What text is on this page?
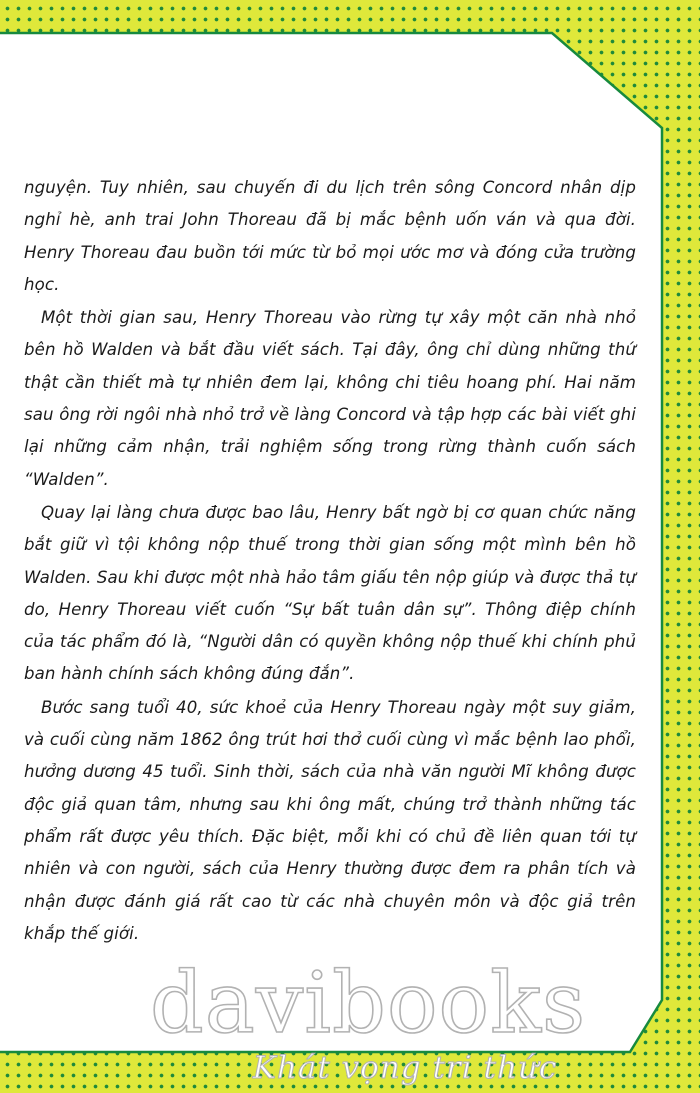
nguyện. Tuy nhiên, sau chuyến đi du lịch trên sông Concord nhân dịp nghỉ hè, anh trai John Thoreau đã bị mắc bệnh uốn ván và qua đời. Henry Thoreau đau buồn tới mức từ bỏ mọi ước mơ và đóng cửa trường học.

Một thời gian sau, Henry Thoreau vào rừng tự xây một căn nhà nhỏ bên hồ Walden và bắt đầu viết sách. Tại đây, ông chỉ dùng những thứ thật cần thiết mà tự nhiên đem lại, không chi tiêu hoang phí. Hai năm sau ông rời ngôi nhà nhỏ trở về làng Concord và tập hợp các bài viết ghi lại những cảm nhận, trải nghiệm sống trong rừng thành cuốn sách “Walden”.

Quay lại làng chưa được bao lâu, Henry bất ngờ bị cơ quan chức năng bắt giữ vì tội không nộp thuế trong thời gian sống một mình bên hồ Walden. Sau khi được một nhà hảo tâm giấu tên nộp giúp và được thả tự do, Henry Thoreau viết cuốn “Sự bất tuân dân sự”. Thông điệp chính của tác phẩm đó là, “Người dân có quyền không nộp thuế khi chính phủ ban hành chính sách không đúng đắn”.

Bước sang tuổi 40, sức khoẻ của Henry Thoreau ngày một suy giảm, và cuối cùng năm 1862 ông trút hơi thở cuối cùng vì mắc bệnh lao phổi, hưởng dương 45 tuổi. Sinh thời, sách của nhà văn người Mĩ không được độc giả quan tâm, nhưng sau khi ông mất, chúng trở thành những tác phẩm rất được yêu thích. Đặc biệt, mỗi khi có chủ đề liên quan tới tự nhiên và con người, sách của Henry thường được đem ra phân tích và nhận được đánh giá rất cao từ các nhà chuyên môn và độc giả trên khắp thế giới.

davibooks
Khát vọng tri thức
